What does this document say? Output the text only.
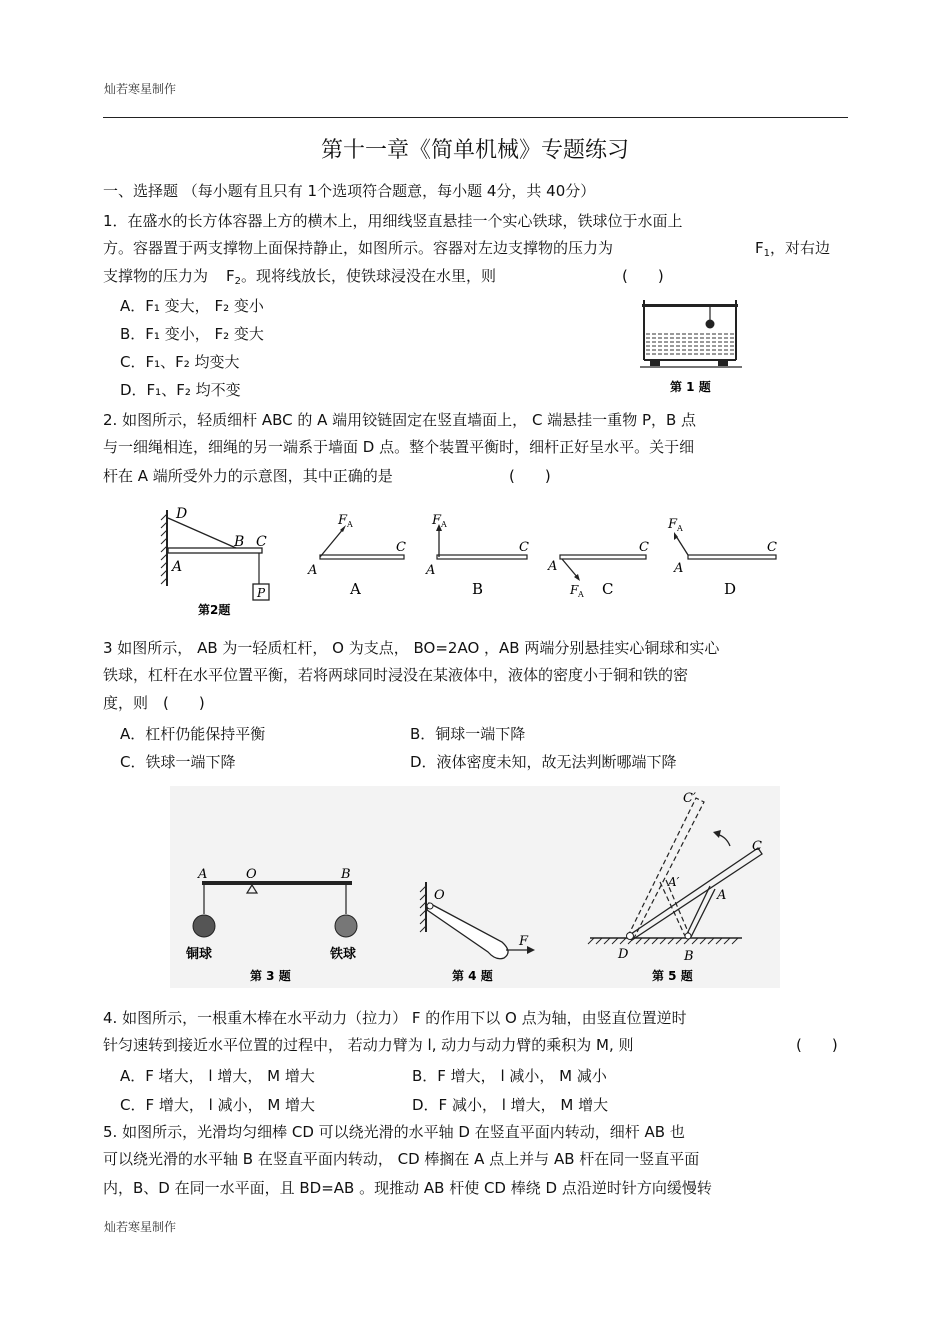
灿若寒星制作
第十一章《简单机械》专题练习
一、选择题 （每小题有且只有 1个选项符合题意，每小题 4分，共 40分）
1．在盛水的长方体容器上方的横木上，用细线竖直悬挂一个实心铁球，铁球位于水面上
方。容器置于两支撑物上面保持静止，如图所示。容器对左边支撑物的压力为	$F_1$，对右边
支撑物的压力为 $F_2$。现将线放长，使铁球浸没在水里，则	(　　)
A．F₁ 变大， F₂ 变小
B．F₁ 变小， F₂ 变大
C．F₁、F₂ 均变大
D．F₁、F₂ 均不变	第 1 题
2. 如图所示，轻质细杆 ABC 的 A 端用铰链固定在竖直墙面上， C 端悬挂一重物 P，B 点
与一细绳相连，细绳的另一端系于墙面 D 点。整个装置平衡时，细杆正好呈水平。关于细
杆在 A 端所受外力的示意图，其中正确的是	(　　)
D
B C
A
P
第2题
F A
A
C
A
F A
A
C
B	F A
A
C
C
F A
A
C
D
3 如图所示， AB 为一轻质杠杆， O 为支点， BO=2AO ，AB 两端分别悬挂实心铜球和实心
铁球，杠杆在水平位置平衡，若将两球同时浸没在某液体中，液体的密度小于铜和铁的密
度，则　(　　)
A．杠杆仍能保持平衡	B．铜球一端下降
C．铁球一端下降	D．液体密度未知，故无法判断哪端下降
A	O	B
铜球	铁球
第 3 题
O
F
第 4 题
C′
C
A′
A
D	B
第 5 题
4. 如图所示，一根重木棒在水平动力（拉力） F 的作用下以 O 点为轴，由竖直位置逆时
针匀速转到接近水平位置的过程中， 若动力臂为 l, 动力与动力臂的乘积为 M, 则	(　　)
A．F 堵大， l 增大， M 增大	B．F 增大， l 减小， M 减小
C．F 增大， l 减小， M 增大	D．F 减小， l 增大， M 增大
5. 如图所示，光滑均匀细棒 CD 可以绕光滑的水平轴 D 在竖直平面内转动，细杆 AB 也
可以绕光滑的水平轴 B 在竖直平面内转动， CD 棒搁在 A 点上并与 AB 杆在同一竖直平面
内，B、D 在同一水平面，且 BD=AB 。现推动 AB 杆使 CD 棒绕 D 点沿逆时针方向缓慢转
灿若寒星制作
